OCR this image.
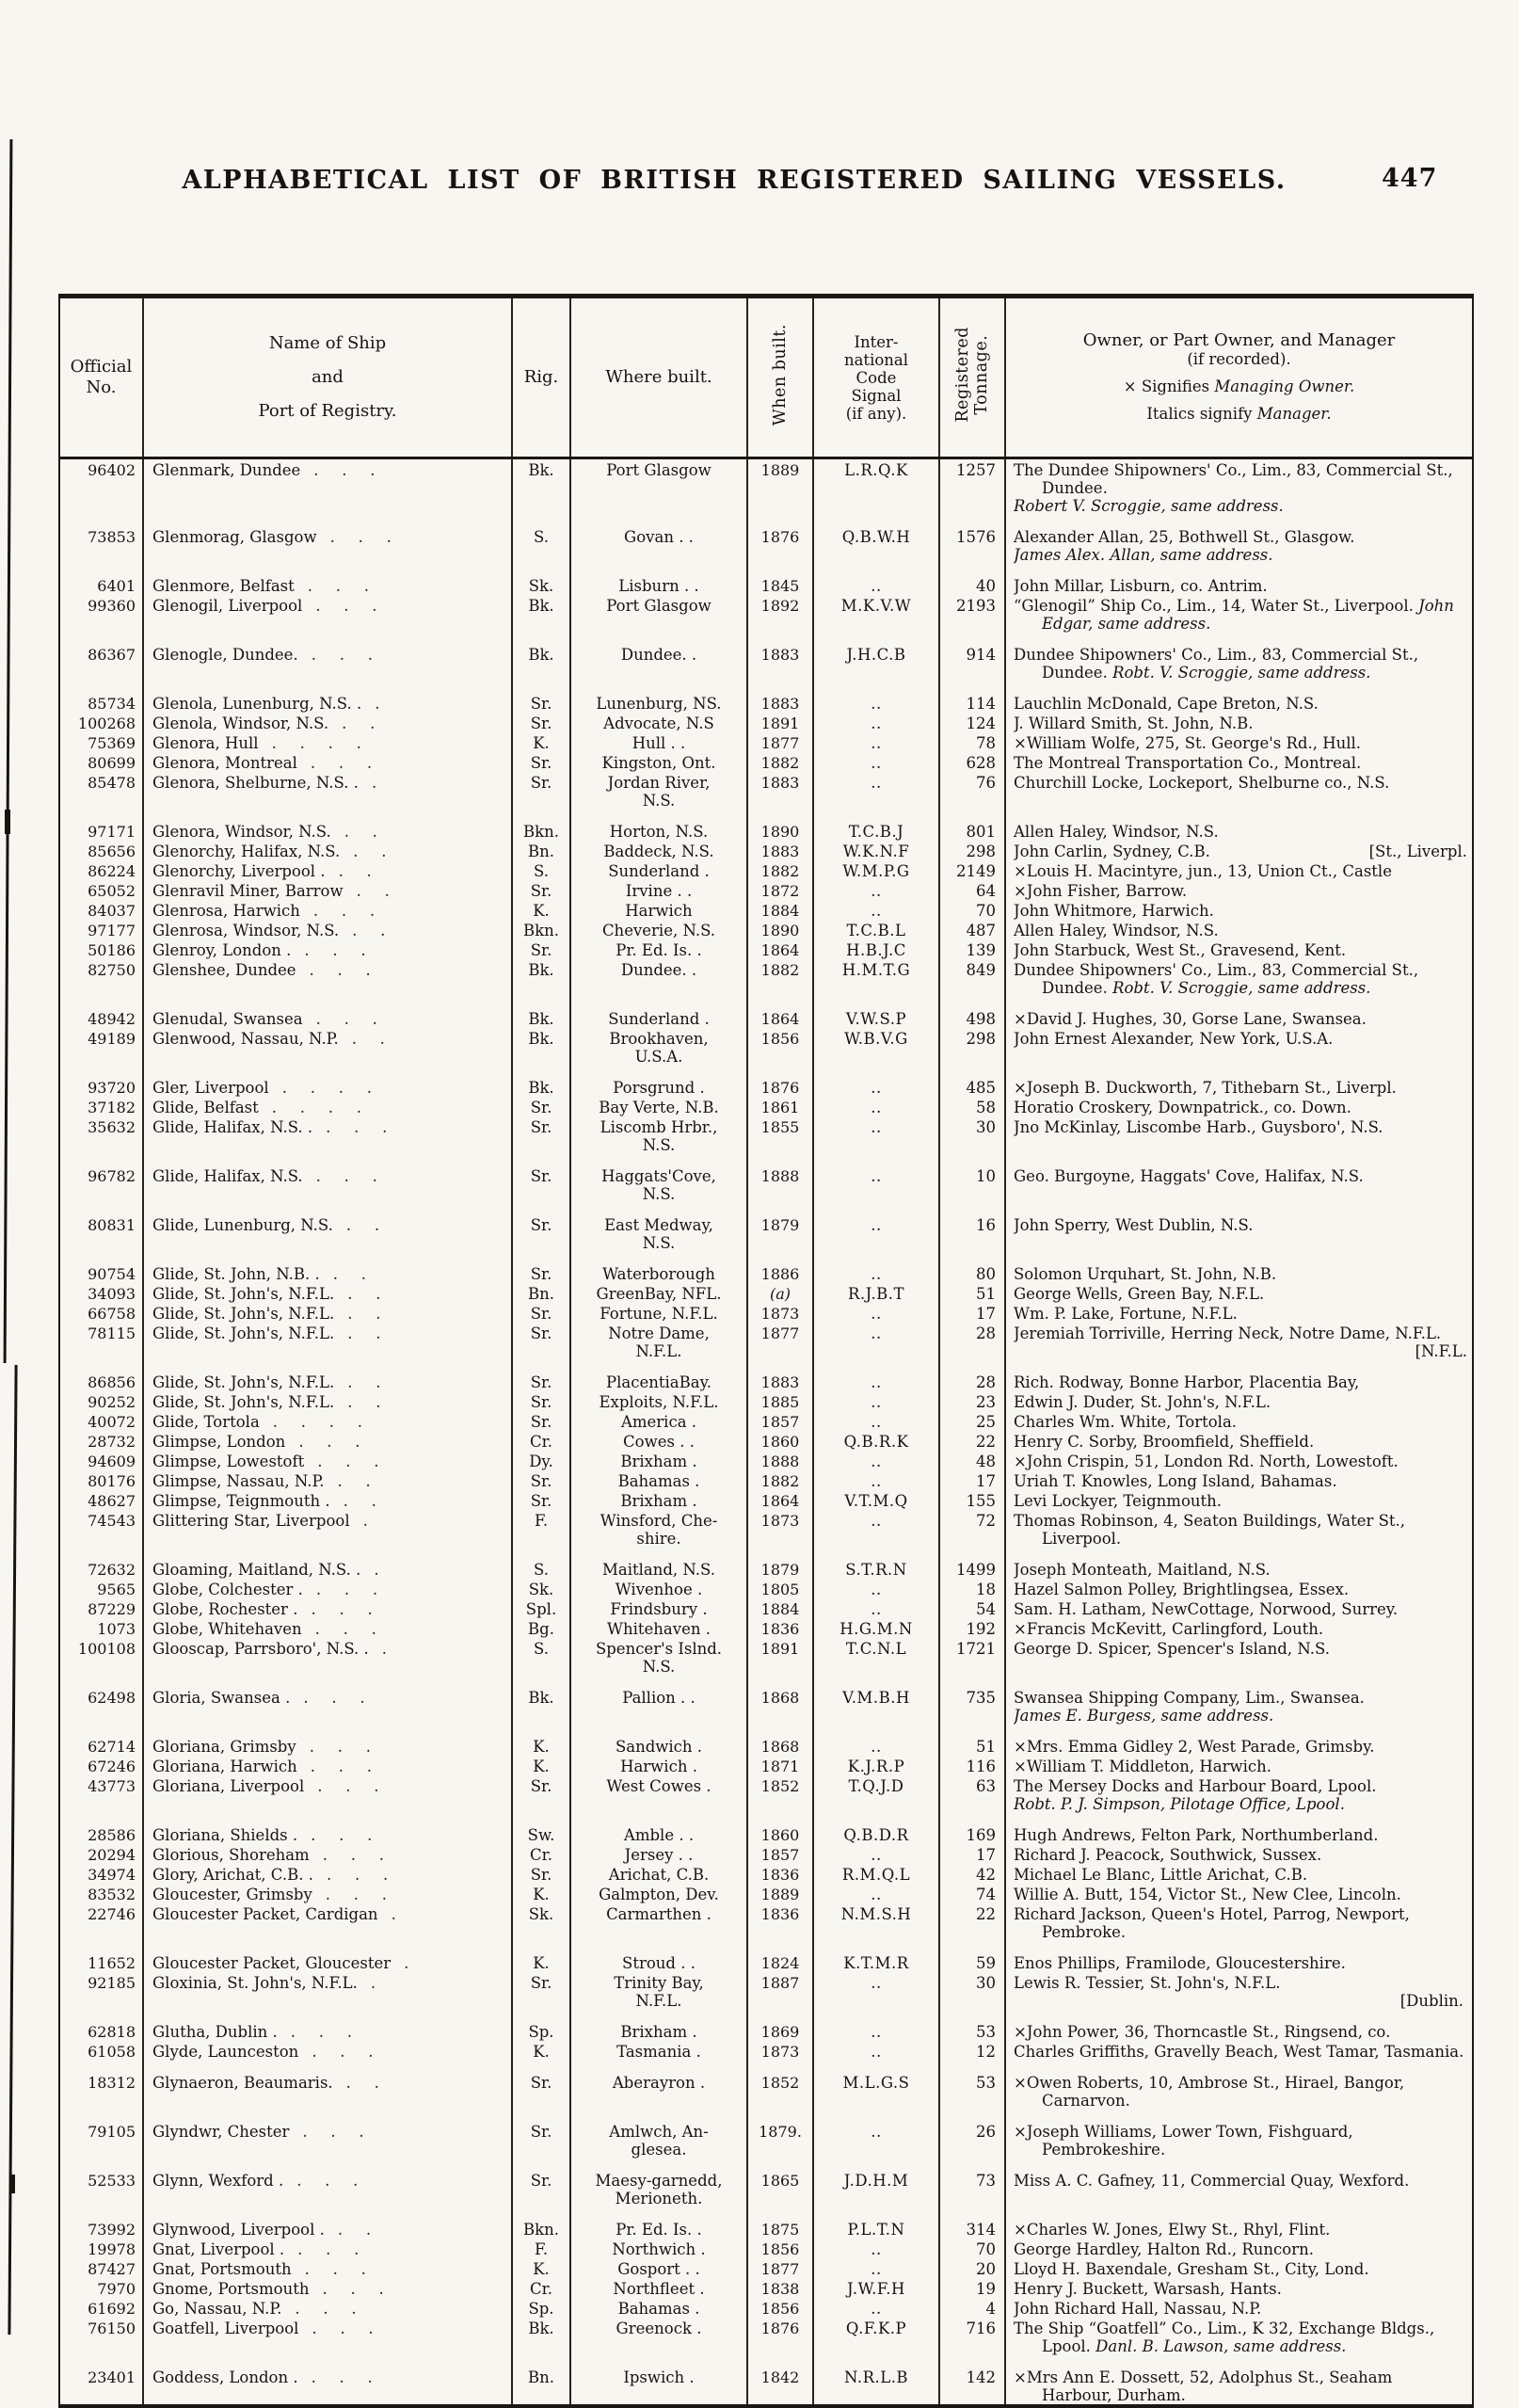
ALPHABETICAL LIST OF BRITISH REGISTERED SAILING VESSELS.	447
Official
No.

Name of Ship
and
Port of Registry.

Rig.	Where built.	When built.	Inter-
national
Code
Signal
(if any).	Registered Tonnage.	Owner, or Part Owner, and Manager
(if recorded).
× Signifies Managing Owner.
Italics signify Manager.

96402	Glenmark, Dundee .  .  .	Bk.	Port Glasgow	1889	L.R.Q.K	1257	The Dundee Shipowners' Co., Lim., 83, Commercial St., Dundee.
Robert V. Scroggie, same address.

73853	Glenmorag, Glasgow .  .  .	S.	Govan . .	1876	Q.B.W.H	1576	Alexander Allan, 25, Bothwell St., Glasgow.
James Alex. Allan, same address.

6401	Glenmore, Belfast .  .  .	Sk.	Lisburn . .	1845	..	40	John Millar, Lisburn, co. Antrim.

99360	Glenogil, Liverpool .  .  .	Bk.	Port Glasgow	1892	M.K.V.W	2193	“Glenogil” Ship Co., Lim., 14, Water St., Liverpool. John Edgar, same address.

86367	Glenogle, Dundee. .  .  .	Bk.	Dundee. .	1883	J.H.C.B	914	Dundee Shipowners' Co., Lim., 83, Commercial St., Dundee. Robt. V. Scroggie, same address.

85734	Glenola, Lunenburg, N.S. . .	Sr.	Lunenburg, NS.	1883	..	114	Lauchlin McDonald, Cape Breton, N.S.

100268	Glenola, Windsor, N.S. .  .	Sr.	Advocate, N.S	1891	..	124	J. Willard Smith, St. John, N.B.

75369	Glenora, Hull .  .  .  .	K.	Hull . .	1877	..	78	×William Wolfe, 275, St. George's Rd., Hull.

80699	Glenora, Montreal .  .  .	Sr.	Kingston, Ont.	1882	..	628	The Montreal Transportation Co., Montreal.

85478	Glenora, Shelburne, N.S. . .	Sr.	Jordan River,
N.S.	1883	..	76	Churchill Locke, Lockeport, Shelburne co., N.S.

97171	Glenora, Windsor, N.S. .  .	Bkn.	Horton, N.S.	1890	T.C.B.J	801	Allen Haley, Windsor, N.S.

85656	Glenorchy, Halifax, N.S. .  .	Bn.	Baddeck, N.S.	1883	W.K.N.F	298	John Carlin, Sydney, C.B. [St., Liverpl.

86224	Glenorchy, Liverpool . .  .	S.	Sunderland .	1882	W.M.P.G	2149	×Louis H. Macintyre, jun., 13, Union Ct., Castle

65052	Glenravil Miner, Barrow .  .	Sr.	Irvine . .	1872	..	64	×John Fisher, Barrow.

84037	Glenrosa, Harwich .  .  .	K.	Harwich	1884	..	70	John Whitmore, Harwich.

97177	Glenrosa, Windsor, N.S. .  .	Bkn.	Cheverie, N.S.	1890	T.C.B.L	487	Allen Haley, Windsor, N.S.

50186	Glenroy, London . .  .  .	Sr.	Pr. Ed. Is. .	1864	H.B.J.C	139	John Starbuck, West St., Gravesend, Kent.

82750	Glenshee, Dundee .  .  .	Bk.	Dundee. .	1882	H.M.T.G	849	Dundee Shipowners' Co., Lim., 83, Commercial St., Dundee. Robt. V. Scroggie, same address.

48942	Glenudal, Swansea .  .  .	Bk.	Sunderland .	1864	V.W.S.P	498	×David J. Hughes, 30, Gorse Lane, Swansea.

49189	Glenwood, Nassau, N.P. .  .	Bk.	Brookhaven,
U.S.A.	1856	W.B.V.G	298	John Ernest Alexander, New York, U.S.A.

93720	Gler, Liverpool .  .  .  .	Bk.	Porsgrund .	1876	..	485	×Joseph B. Duckworth, 7, Tithebarn St., Liverpl.

37182	Glide, Belfast .  .  .  .	Sr.	Bay Verte, N.B.	1861	..	58	Horatio Croskery, Downpatrick., co. Down.

35632	Glide, Halifax, N.S. . .  .  .	Sr.	Liscomb Hrbr.,
N.S.	1855	..	30	Jno McKinlay, Liscombe Harb., Guysboro', N.S.

96782	Glide, Halifax, N.S. .  .  .	Sr.	Haggats'Cove,
N.S.	1888	..	10	Geo. Burgoyne, Haggats' Cove, Halifax, N.S.

80831	Glide, Lunenburg, N.S. .  .	Sr.	East Medway,
N.S.	1879	..	16	John Sperry, West Dublin, N.S.

90754	Glide, St. John, N.B. . .  .	Sr.	Waterborough	1886	..	80	Solomon Urquhart, St. John, N.B.

34093	Glide, St. John's, N.F.L. .  .	Bn.	GreenBay, NFL.	(a)	R.J.B.T	51	George Wells, Green Bay, N.F.L.

66758	Glide, St. John's, N.F.L. .  .	Sr.	Fortune, N.F.L.	1873	..	17	Wm. P. Lake, Fortune, N.F.L.

78115	Glide, St. John's, N.F.L. .  .	Sr.	Notre Dame,
N.F.L.
	1877	..	28	Jeremiah Torriville, Herring Neck, Notre Dame, N.F.L.
[N.F.L.

86856	Glide, St. John's, N.F.L. .  .	Sr.	PlacentiaBay.	1883	..	28	Rich. Rodway, Bonne Harbor, Placentia Bay,

90252	Glide, St. John's, N.F.L. .  .	Sr.	Exploits, N.F.L.	1885	..	23	Edwin J. Duder, St. John's, N.F.L.

40072	Glide, Tortola .  .  .  .	Sr.	America .	1857	..	25	Charles Wm. White, Tortola.

28732	Glimpse, London .  .  .	Cr.	Cowes . .	1860	Q.B.R.K	22	Henry C. Sorby, Broomfield, Sheffield.

94609	Glimpse, Lowestoft .  .  .	Dy.	Brixham .	1888	..	48	×John Crispin, 51, London Rd. North, Lowestoft.

80176	Glimpse, Nassau, N.P. .  .	Sr.	Bahamas .	1882	..	17	Uriah T. Knowles, Long Island, Bahamas.

48627	Glimpse, Teignmouth . .  .	Sr.	Brixham .	1864	V.T.M.Q	155	Levi Lockyer, Teignmouth.

74543	Glittering Star, Liverpool .	F.	Winsford, Che-
shire.	1873	..	72	Thomas Robinson, 4, Seaton Buildings, Water St., Liverpool.

72632	Gloaming, Maitland, N.S. . .	S.	Maitland, N.S.	1879	S.T.R.N	1499	Joseph Monteath, Maitland, N.S.

9565	Globe, Colchester . .  .  .	Sk.	Wivenhoe .	1805	..	18	Hazel Salmon Polley, Brightlingsea, Essex.

87229	Globe, Rochester . .  .  .	Spl.	Frindsbury .	1884	..	54	Sam. H. Latham, NewCottage, Norwood, Surrey.

1073	Globe, Whitehaven .  .  .	Bg.	Whitehaven .	1836	H.G.M.N	192	×Francis McKevitt, Carlingford, Louth.

100108	Glooscap, Parrsboro', N.S. . .	S.	Spencer's Islnd.
N.S.	1891	T.C.N.L	1721	George D. Spicer, Spencer's Island, N.S.

62498	Gloria, Swansea . .  .  .	Bk.	Pallion . .	1868	V.M.B.H	735	Swansea Shipping Company, Lim., Swansea.
James E. Burgess, same address.

62714	Gloriana, Grimsby .  .  .	K.	Sandwich .	1868	..	51	×Mrs. Emma Gidley 2, West Parade, Grimsby.

67246	Gloriana, Harwich .  .  .	K.	Harwich .	1871	K.J.R.P	116	×William T. Middleton, Harwich.

43773	Gloriana, Liverpool .  .  .	Sr.	West Cowes .	1852	T.Q.J.D	63	The Mersey Docks and Harbour Board, Lpool.
Robt. P. J. Simpson, Pilotage Office, Lpool.

28586	Gloriana, Shields . .  .  .	Sw.	Amble . .	1860	Q.B.D.R	169	Hugh Andrews, Felton Park, Northumberland.

20294	Glorious, Shoreham .  .  .	Cr.	Jersey . .	1857	..	17	Richard J. Peacock, Southwick, Sussex.

34974	Glory, Arichat, C.B. . .  .  .	Sr.	Arichat, C.B.	1836	R.M.Q.L	42	Michael Le Blanc, Little Arichat, C.B.

83532	Gloucester, Grimsby .  .  .	K.	Galmpton, Dev.	1889	..	74	Willie A. Butt, 154, Victor St., New Clee, Lincoln.

22746	Gloucester Packet, Cardigan .	Sk.	Carmarthen .	1836	N.M.S.H	22	Richard Jackson, Queen's Hotel, Parrog, Newport, Pembroke.

11652	Gloucester Packet, Gloucester .	K.	Stroud . .	1824	K.T.M.R	59	Enos Phillips, Framilode, Gloucestershire.

92185	Gloxinia, St. John's, N.F.L. .	Sr.	Trinity Bay,
N.F.L.
	1887	..	30	Lewis R. Tessier, St. John's, N.F.L.
[Dublin.

62818	Glutha, Dublin . .  .  .	Sp.	Brixham .	1869	..	53	×John Power, 36, Thorncastle St., Ringsend, co.

61058	Glyde, Launceston .  .  .	K.	Tasmania .	1873	..	12	Charles Griffiths, Gravelly Beach, West Tamar, Tasmania.

18312	Glynaeron, Beaumaris. .  .	Sr.	Aberayron .	1852	M.L.G.S	53	×Owen Roberts, 10, Ambrose St., Hirael, Bangor, Carnarvon.

79105	Glyndwr, Chester .  .  .	Sr.	Amlwch, An-
glesea.	1879.	..	26	×Joseph Williams, Lower Town, Fishguard, Pembrokeshire.

52533	Glynn, Wexford . .  .  .	Sr.	Maesy-garnedd,
Merioneth.	1865	J.D.H.M	73	Miss A. C. Gafney, 11, Commercial Quay, Wexford.

73992	Glynwood, Liverpool . .  .	Bkn.	Pr. Ed. Is. .	1875	P.L.T.N	314	×Charles W. Jones, Elwy St., Rhyl, Flint.

19978	Gnat, Liverpool . .  .  .	F.	Northwich .	1856	..	70	George Hardley, Halton Rd., Runcorn.

87427	Gnat, Portsmouth .  .  .	K.	Gosport . .	1877	..	20	Lloyd H. Baxendale, Gresham St., City, Lond.

7970	Gnome, Portsmouth .  .  .	Cr.	Northfleet .	1838	J.W.F.H	19	Henry J. Buckett, Warsash, Hants.

61692	Go, Nassau, N.P. .  .  .	Sp.	Bahamas .	1856	..	4	John Richard Hall, Nassau, N.P.

76150	Goatfell, Liverpool .  .  .	Bk.	Greenock .	1876	Q.F.K.P	716	The Ship “Goatfell” Co., Lim., K 32, Exchange Bldgs., Lpool. Danl. B. Lawson, same address.

23401	Goddess, London . .  .  .	Bn.	Ipswich .	1842	N.R.L.B	142	×Mrs Ann E. Dossett, 52, Adolphus St., Seaham Harbour, Durham.
